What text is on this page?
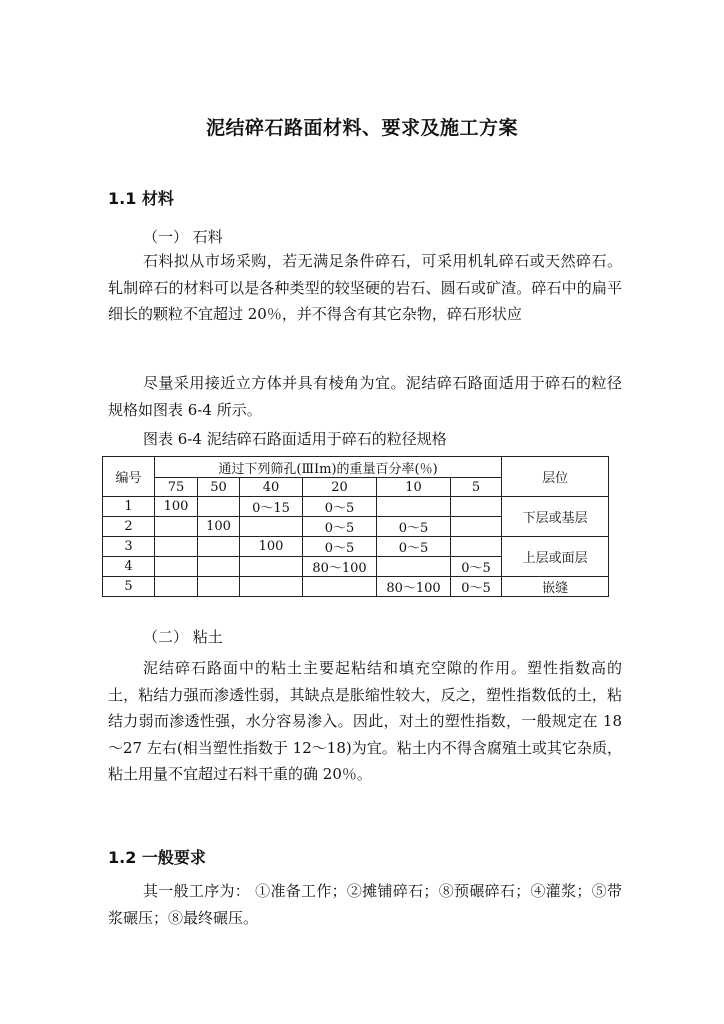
泥结碎石路面材料、要求及施工方案
1.1 材料
（一） 石料

石料拟从市场采购，若无满足条件碎石，可采用机轧碎石或天然碎石。轧制碎石的材料可以是各种类型的较坚硬的岩石、圆石或矿渣。碎石中的扁平细长的颗粒不宜超过 20％，并不得含有其它杂物，碎石形状应

尽量采用接近立方体并具有棱角为宜。泥结碎石路面适用于碎石的粒径规格如图表 6-4 所示。

图表 6-4 泥结碎石路面适用于碎石的粒径规格
编号	通过下列筛孔(ⅢIm)的重量百分率(％)						层位
	75	50	40	20	10	5	
1	100		0～15	0～5			下层或基层
2		100		0～5	0～5		
3			100	0～5	0～5		上层或面层
4				80～100		0～5	
5					80～100	0～5	嵌缝
（二） 粘土

泥结碎石路面中的粘土主要起粘结和填充空隙的作用。塑性指数高的土，粘结力强而渗透性弱，其缺点是胀缩性较大，反之，塑性指数低的土，粘结力弱而渗透性强，水分容易渗入。因此，对土的塑性指数，一般规定在 18～27 左右(相当塑性指数于 12～18)为宜。粘土内不得含腐殖土或其它杂质，粘土用量不宜超过石料干重的确 20％。

1.2 一般要求

其一般工序为： ①准备工作；②摊铺碎石；⑧预碾碎石；④灌浆；⑤带浆碾压；⑧最终碾压。
